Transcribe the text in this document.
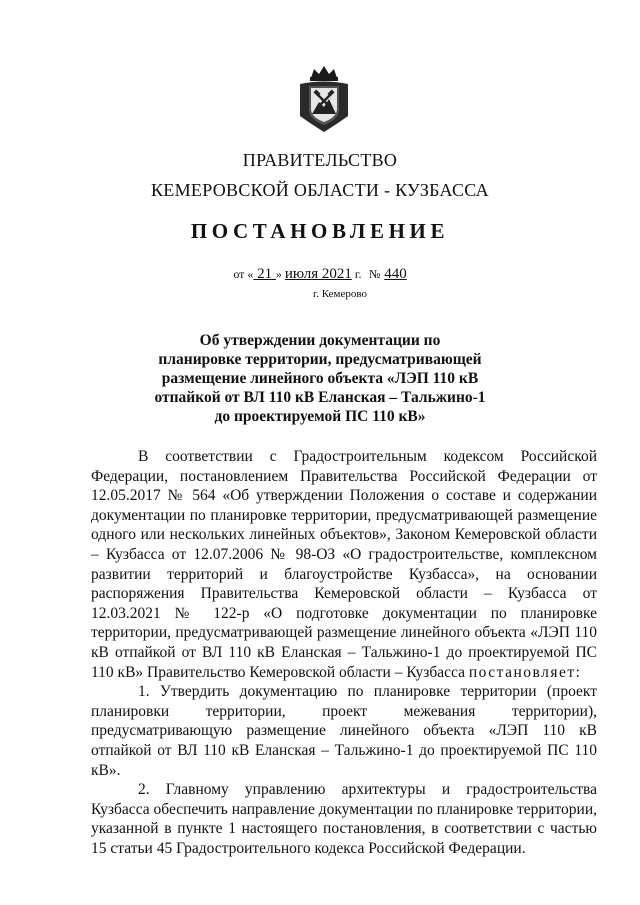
ПРАВИТЕЛЬСТВО
КЕМЕРОВСКОЙ ОБЛАСТИ - КУЗБАССА
ПОСТАНОВЛЕНИЕ
от « 21 » июля 2021 г. № 440
г. Кемерово
Об утверждении документации по
планировке территории, предусматривающей
размещение линейного объекта «ЛЭП 110 кВ
отпайкой от ВЛ 110 кВ Еланская – Тальжино-1
до проектируемой ПС 110 кВ»

В соответствии с Градостроительным кодексом Российской Федерации, постановлением Правительства Российской Федерации от 12.05.2017 № 564 «Об утверждении Положения о составе и содержании документации по планировке территории, предусматривающей размещение одного или нескольких линейных объектов», Законом Кемеровской области – Кузбасса от 12.07.2006 № 98-ОЗ «О градостроительстве, комплексном развитии территорий и благоустройстве Кузбасса», на основании распоряжения Правительства Кемеровской области – Кузбасса от 12.03.2021 № 122-р «О подготовке документации по планировке территории, предусматривающей размещение линейного объекта «ЛЭП 110 кВ отпайкой от ВЛ 110 кВ Еланская – Тальжино-1 до проектируемой ПС 110 кВ» Правительство Кемеровской области – Кузбасса постановляет:

1. Утвердить документацию по планировке территории (проект планировки территории, проект межевания территории), предусматривающую размещение линейного объекта «ЛЭП 110 кВ отпайкой от ВЛ 110 кВ Еланская – Тальжино-1 до проектируемой ПС 110 кВ».

2. Главному управлению архитектуры и градостроительства Кузбасса обеспечить направление документации по планировке территории, указанной в пункте 1 настоящего постановления, в соответствии с частью 15 статьи 45 Градостроительного кодекса Российской Федерации.
